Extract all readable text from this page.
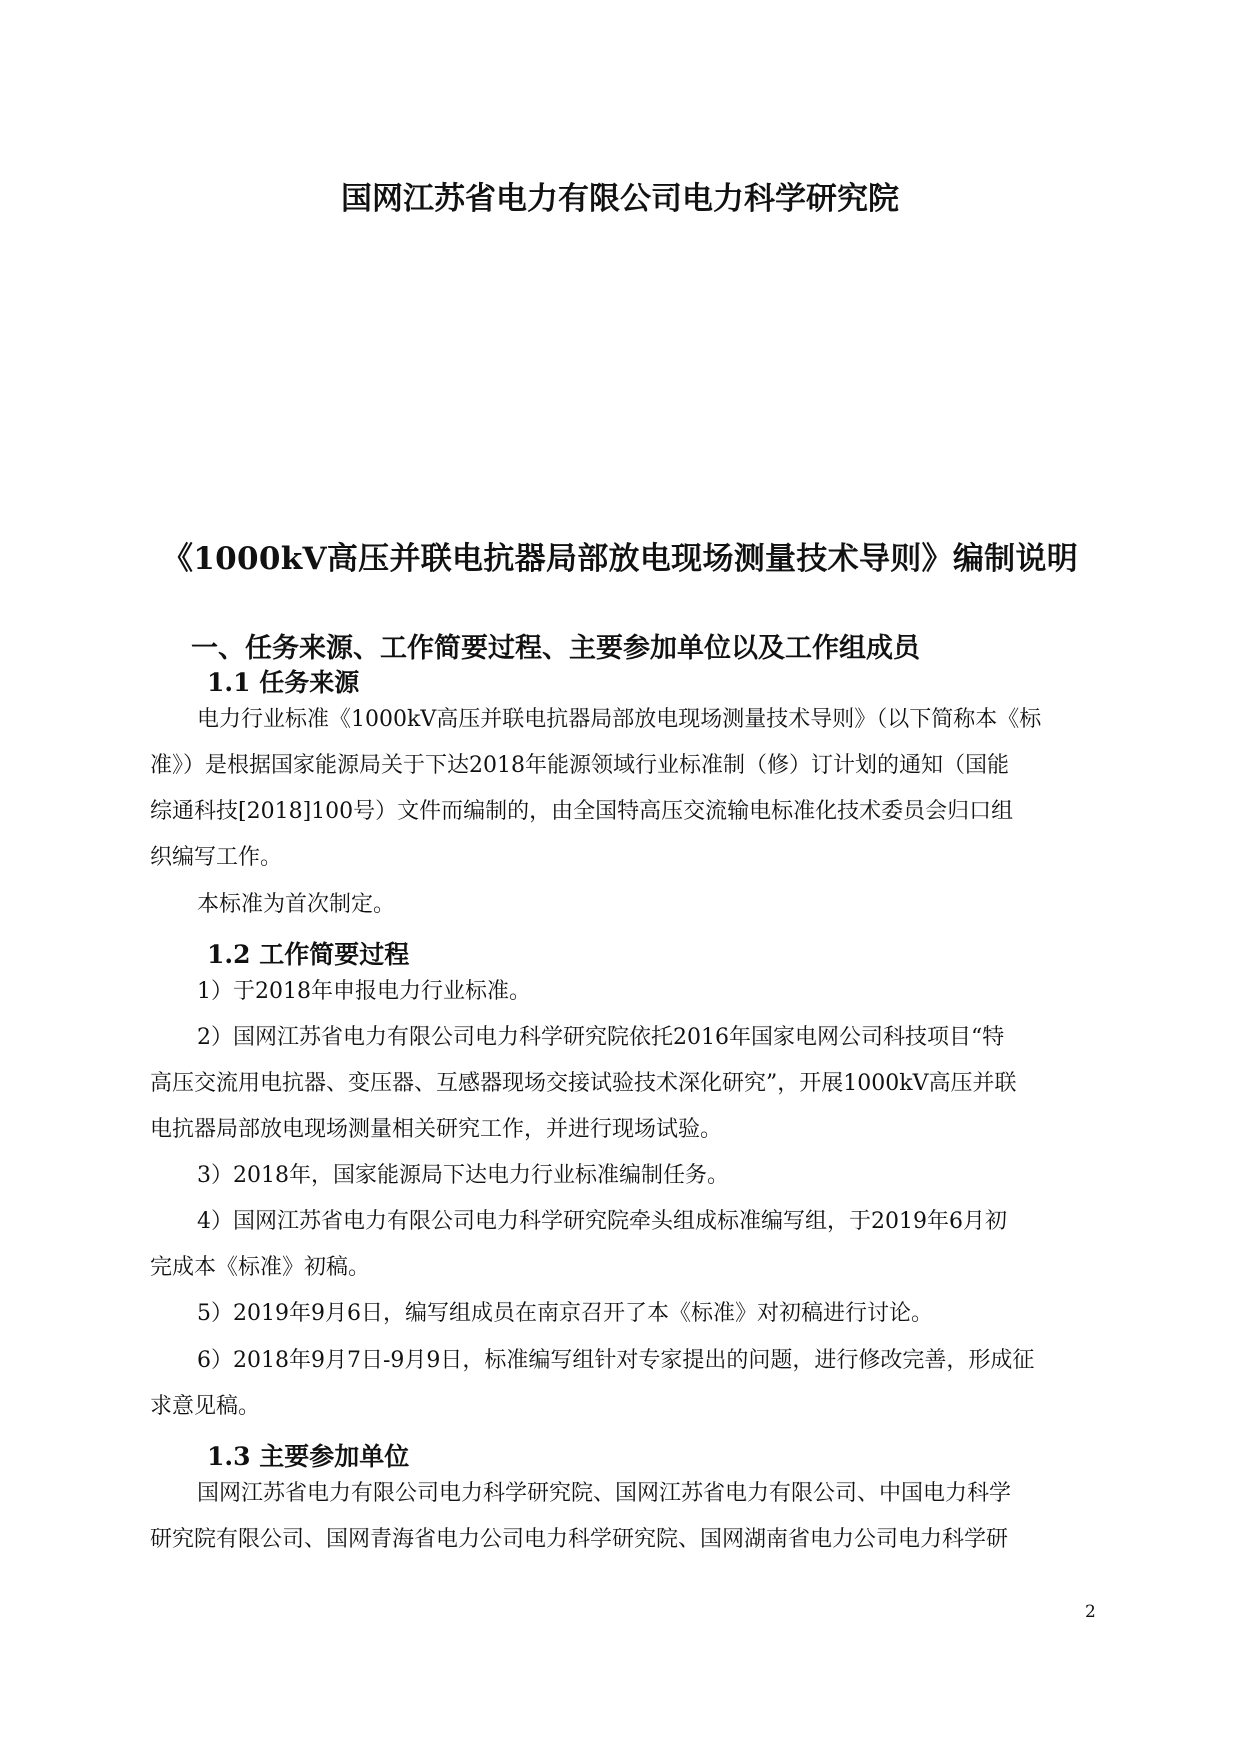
国网江苏省电力有限公司电力科学研究院
《1000kV高压并联电抗器局部放电现场测量技术导则》编制说明
一、任务来源、工作简要过程、主要参加单位以及工作组成员
1.1 任务来源

电力行业标准《1000kV高压并联电抗器局部放电现场测量技术导则》（以下简称本《标

准》）是根据国家能源局关于下达2018年能源领域行业标准制（修）订计划的通知（国能

综通科技[2018]100号）文件而编制的，由全国特高压交流输电标准化技术委员会归口组

织编写工作。

本标准为首次制定。

1.2 工作简要过程

1）于2018年申报电力行业标准。

2）国网江苏省电力有限公司电力科学研究院依托2016年国家电网公司科技项目“特

高压交流用电抗器、变压器、互感器现场交接试验技术深化研究”，开展1000kV高压并联

电抗器局部放电现场测量相关研究工作，并进行现场试验。

3）2018年，国家能源局下达电力行业标准编制任务。

4）国网江苏省电力有限公司电力科学研究院牵头组成标准编写组，于2019年6月初

完成本《标准》初稿。

5）2019年9月6日，编写组成员在南京召开了本《标准》对初稿进行讨论。

6）2018年9月7日-9月9日，标准编写组针对专家提出的问题，进行修改完善，形成征

求意见稿。

1.3 主要参加单位

国网江苏省电力有限公司电力科学研究院、国网江苏省电力有限公司、中国电力科学

研究院有限公司、国网青海省电力公司电力科学研究院、国网湖南省电力公司电力科学研

2
